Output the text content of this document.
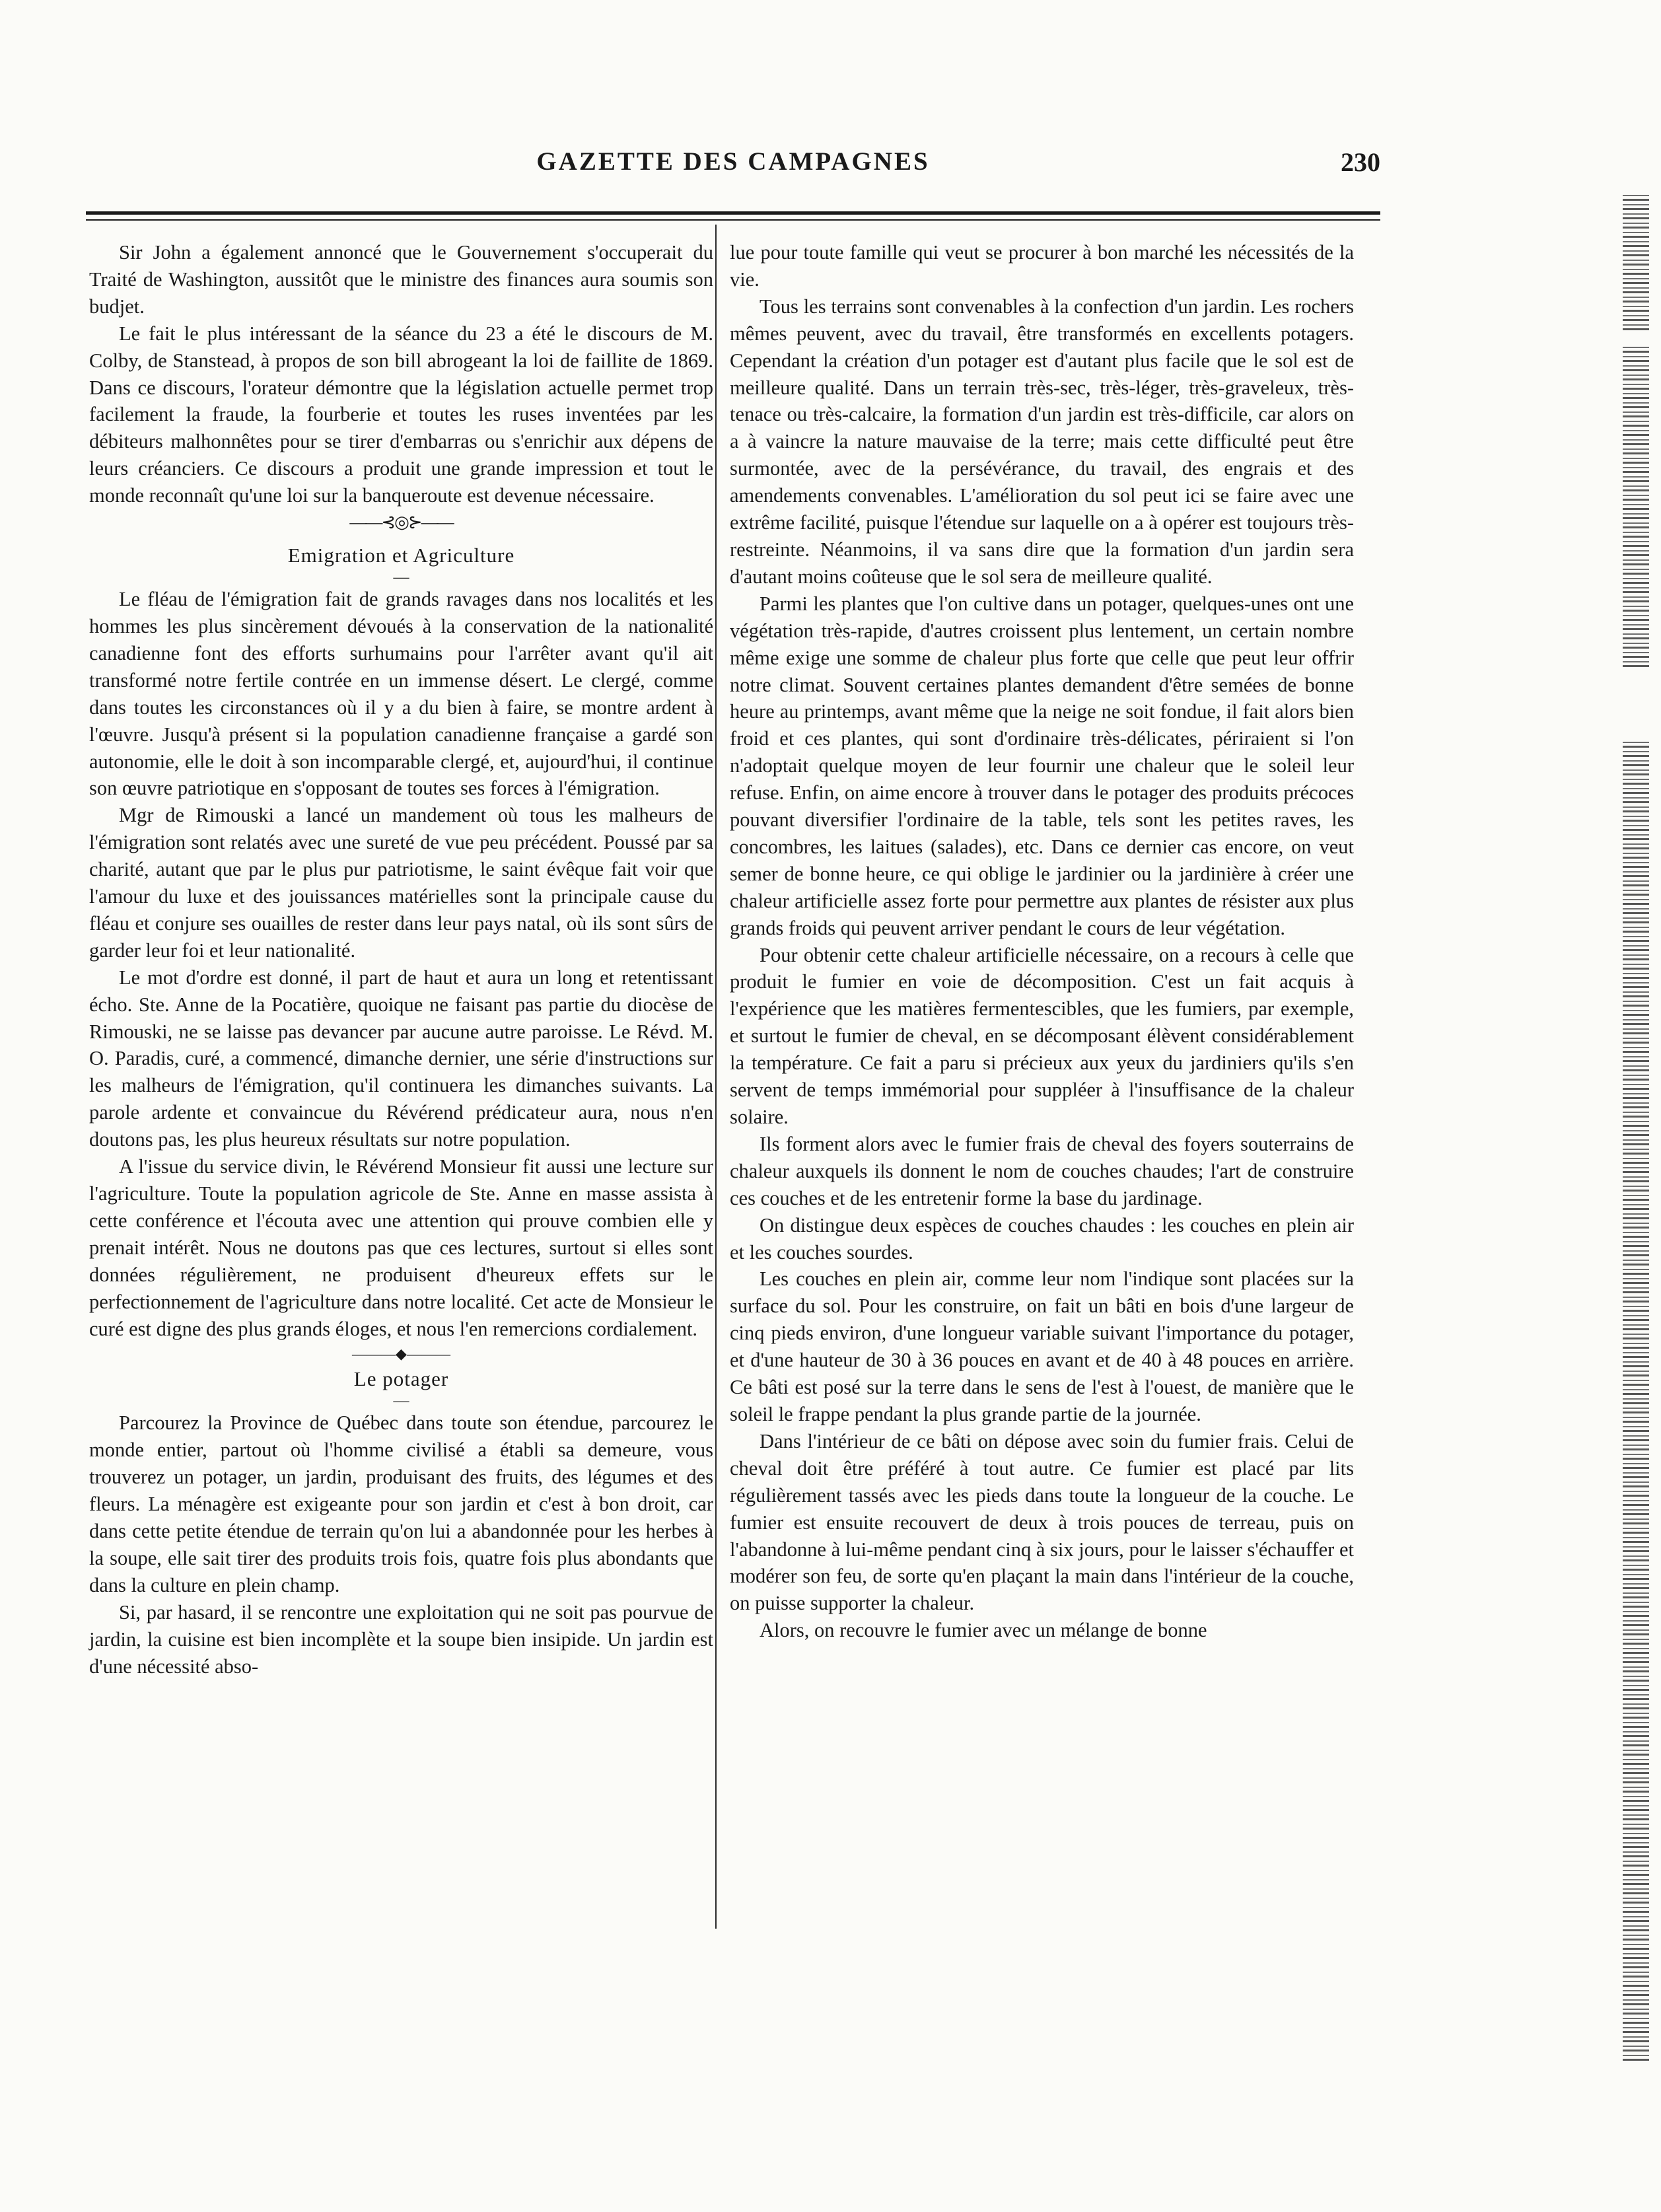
GAZETTE DES CAMPAGNES	230

Sir John a également annoncé que le Gouvernement s'occuperait du Traité de Washington, aussitôt que le ministre des finances aura soumis son budjet.

Le fait le plus intéressant de la séance du 23 a été le discours de M. Colby, de Stanstead, à propos de son bill abrogeant la loi de faillite de 1869. Dans ce discours, l'orateur démontre que la législation actuelle permet trop facilement la fraude, la fourberie et toutes les ruses inventées par les débiteurs malhonnêtes pour se tirer d'embarras ou s'enrichir aux dépens de leurs créanciers. Ce discours a produit une grande impression et tout le monde reconnaît qu'une loi sur la banqueroute est devenue nécessaire.

——⊰◎⊱——
Emigration et Agriculture
—

Le fléau de l'émigration fait de grands ravages dans nos localités et les hommes les plus sincèrement dévoués à la conservation de la nationalité canadienne font des efforts surhumains pour l'arrêter avant qu'il ait transformé notre fertile contrée en un immense désert. Le clergé, comme dans toutes les circonstances où il y a du bien à faire, se montre ardent à l'œuvre. Jusqu'à présent si la population canadienne française a gardé son autonomie, elle le doit à son incomparable clergé, et, aujourd'hui, il continue son œuvre patriotique en s'opposant de toutes ses forces à l'émigration.

Mgr de Rimouski a lancé un mandement où tous les malheurs de l'émigration sont relatés avec une sureté de vue peu précédent. Poussé par sa charité, autant que par le plus pur patriotisme, le saint évêque fait voir que l'amour du luxe et des jouissances matérielles sont la principale cause du fléau et conjure ses ouailles de rester dans leur pays natal, où ils sont sûrs de garder leur foi et leur nationalité.

Le mot d'ordre est donné, il part de haut et aura un long et retentissant écho. Ste. Anne de la Pocatière, quoique ne faisant pas partie du diocèse de Rimouski, ne se laisse pas devancer par aucune autre paroisse. Le Révd. M. O. Paradis, curé, a commencé, dimanche dernier, une série d'instructions sur les malheurs de l'émigration, qu'il continuera les dimanches suivants. La parole ardente et convaincue du Révérend prédicateur aura, nous n'en doutons pas, les plus heureux résultats sur notre population.

A l'issue du service divin, le Révérend Monsieur fit aussi une lecture sur l'agriculture. Toute la population agricole de Ste. Anne en masse assista à cette conférence et l'écouta avec une attention qui prouve combien elle y prenait intérêt. Nous ne doutons pas que ces lectures, surtout si elles sont données régulièrement, ne produisent d'heureux effets sur le perfectionnement de l'agriculture dans notre localité. Cet acte de Monsieur le curé est digne des plus grands éloges, et nous l'en remercions cordialement.

———◆———
Le potager
—

Parcourez la Province de Québec dans toute son étendue, parcourez le monde entier, partout où l'homme civilisé a établi sa demeure, vous trouverez un potager, un jardin, produisant des fruits, des légumes et des fleurs. La ménagère est exigeante pour son jardin et c'est à bon droit, car dans cette petite étendue de terrain qu'on lui a abandonnée pour les herbes à la soupe, elle sait tirer des produits trois fois, quatre fois plus abondants que dans la culture en plein champ.

Si, par hasard, il se rencontre une exploitation qui ne soit pas pourvue de jardin, la cuisine est bien incomplète et la soupe bien insipide. Un jardin est d'une nécessité abso-

lue pour toute famille qui veut se procurer à bon marché les nécessités de la vie.

Tous les terrains sont convenables à la confection d'un jardin. Les rochers mêmes peuvent, avec du travail, être transformés en excellents potagers. Cependant la création d'un potager est d'autant plus facile que le sol est de meilleure qualité. Dans un terrain très-sec, très-léger, très-graveleux, très-tenace ou très-calcaire, la formation d'un jardin est très-difficile, car alors on a à vaincre la nature mauvaise de la terre; mais cette difficulté peut être surmontée, avec de la persévérance, du travail, des engrais et des amendements convenables. L'amélioration du sol peut ici se faire avec une extrême facilité, puisque l'étendue sur laquelle on a à opérer est toujours très-restreinte. Néanmoins, il va sans dire que la formation d'un jardin sera d'autant moins coûteuse que le sol sera de meilleure qualité.

Parmi les plantes que l'on cultive dans un potager, quelques-unes ont une végétation très-rapide, d'autres croissent plus lentement, un certain nombre même exige une somme de chaleur plus forte que celle que peut leur offrir notre climat. Souvent certaines plantes demandent d'être semées de bonne heure au printemps, avant même que la neige ne soit fondue, il fait alors bien froid et ces plantes, qui sont d'ordinaire très-délicates, périraient si l'on n'adoptait quelque moyen de leur fournir une chaleur que le soleil leur refuse. Enfin, on aime encore à trouver dans le potager des produits précoces pouvant diversifier l'ordinaire de la table, tels sont les petites raves, les concombres, les laitues (salades), etc. Dans ce dernier cas encore, on veut semer de bonne heure, ce qui oblige le jardinier ou la jardinière à créer une chaleur artificielle assez forte pour permettre aux plantes de résister aux plus grands froids qui peuvent arriver pendant le cours de leur végétation.

Pour obtenir cette chaleur artificielle nécessaire, on a recours à celle que produit le fumier en voie de décomposition. C'est un fait acquis à l'expérience que les matières fermentescibles, que les fumiers, par exemple, et surtout le fumier de cheval, en se décomposant élèvent considérablement la température. Ce fait a paru si précieux aux yeux du jardiniers qu'ils s'en servent de temps immémorial pour suppléer à l'insuffisance de la chaleur solaire.

Ils forment alors avec le fumier frais de cheval des foyers souterrains de chaleur auxquels ils donnent le nom de couches chaudes; l'art de construire ces couches et de les entretenir forme la base du jardinage.

On distingue deux espèces de couches chaudes : les couches en plein air et les couches sourdes.

Les couches en plein air, comme leur nom l'indique sont placées sur la surface du sol. Pour les construire, on fait un bâti en bois d'une largeur de cinq pieds environ, d'une longueur variable suivant l'importance du potager, et d'une hauteur de 30 à 36 pouces en avant et de 40 à 48 pouces en arrière. Ce bâti est posé sur la terre dans le sens de l'est à l'ouest, de manière que le soleil le frappe pendant la plus grande partie de la journée.

Dans l'intérieur de ce bâti on dépose avec soin du fumier frais. Celui de cheval doit être préféré à tout autre. Ce fumier est placé par lits régulièrement tassés avec les pieds dans toute la longueur de la couche. Le fumier est ensuite recouvert de deux à trois pouces de terreau, puis on l'abandonne à lui-même pendant cinq à six jours, pour le laisser s'échauffer et modérer son feu, de sorte qu'en plaçant la main dans l'intérieur de la couche, on puisse supporter la chaleur.

Alors, on recouvre le fumier avec un mélange de bonne
